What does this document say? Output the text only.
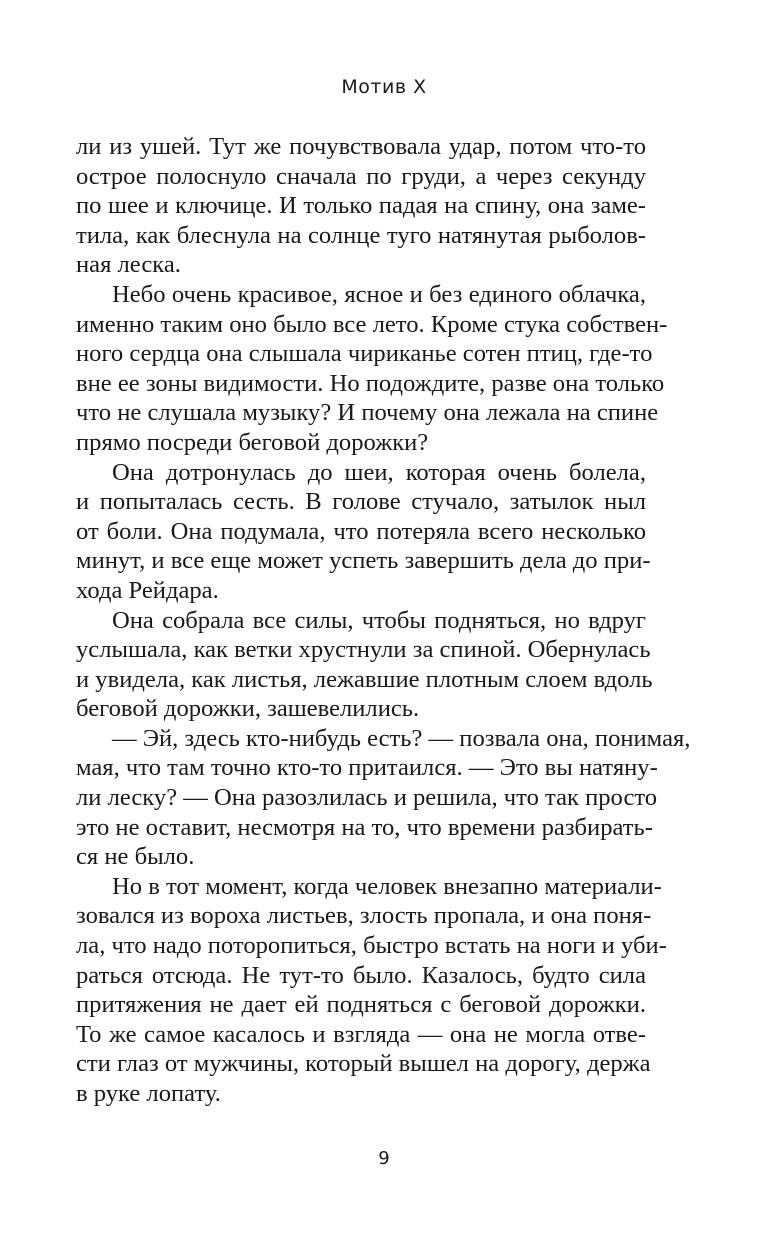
Мотив X
ли из ушей. Тут же почувствовала удар, потом что-то
острое полоснуло сначала по груди, а через секунду
по шее и ключице. И только падая на спину, она заме-
тила, как блеснула на солнце туго натянутая рыболов-
ная леска.
Небо очень красивое, ясное и без единого облачка,
именно таким оно было все лето. Кроме стука собствен-
ного сердца она слышала чириканье сотен птиц, где-то
вне ее зоны видимости. Но подождите, разве она только
что не слушала музыку? И почему она лежала на спине
прямо посреди беговой дорожки?
Она дотронулась до шеи, которая очень болела,
и попыталась сесть. В голове стучало, затылок ныл
от боли. Она подумала, что потеряла всего несколько
минут, и все еще может успеть завершить дела до при-
хода Рейдара.
Она собрала все силы, чтобы подняться, но вдруг
услышала, как ветки хрустнули за спиной. Обернулась
и увидела, как листья, лежавшие плотным слоем вдоль
беговой дорожки, зашевелились.
— Эй, здесь кто-нибудь есть? — позвала она, понимая,
мая, что там точно кто-то притаился. — Это вы натяну-
ли леску? — Она разозлилась и решила, что так просто
это не оставит, несмотря на то, что времени разбирать-
ся не было.
Но в тот момент, когда человек внезапно материали-
зовался из вороха листьев, злость пропала, и она поня-
ла, что надо поторопиться, быстро встать на ноги и уби-
раться отсюда. Не тут-то было. Казалось, будто сила
притяжения не дает ей подняться с беговой дорожки.
То же самое касалось и взгляда — она не могла отве-
сти глаз от мужчины, который вышел на дорогу, держа
в руке лопату.
9
